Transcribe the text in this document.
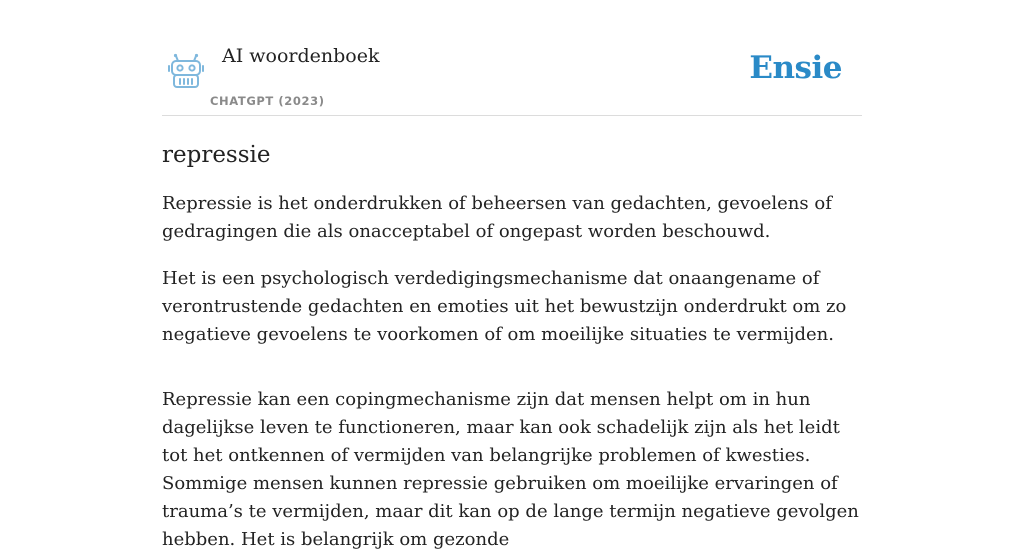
AI woordenboek
CHATGPT (2023)
Ensie
repressie

Repressie is het onderdrukken of beheersen van gedachten, gevoelens of gedragingen die als onacceptabel of ongepast worden beschouwd.

Het is een psychologisch verdedigingsmechanisme dat onaangename of verontrustende gedachten en emoties uit het bewustzijn onderdrukt om zo negatieve gevoelens te voorkomen of om moeilijke situaties te vermijden.

Repressie kan een copingmechanisme zijn dat mensen helpt om in hun dagelijkse leven te functioneren, maar kan ook schadelijk zijn als het leidt tot het ontkennen of vermijden van belangrijke problemen of kwesties. Sommige mensen kunnen repressie gebruiken om moeilijke ervaringen of trauma’s te vermijden, maar dit kan op de lange termijn negatieve gevolgen hebben. Het is belangrijk om gezonde
